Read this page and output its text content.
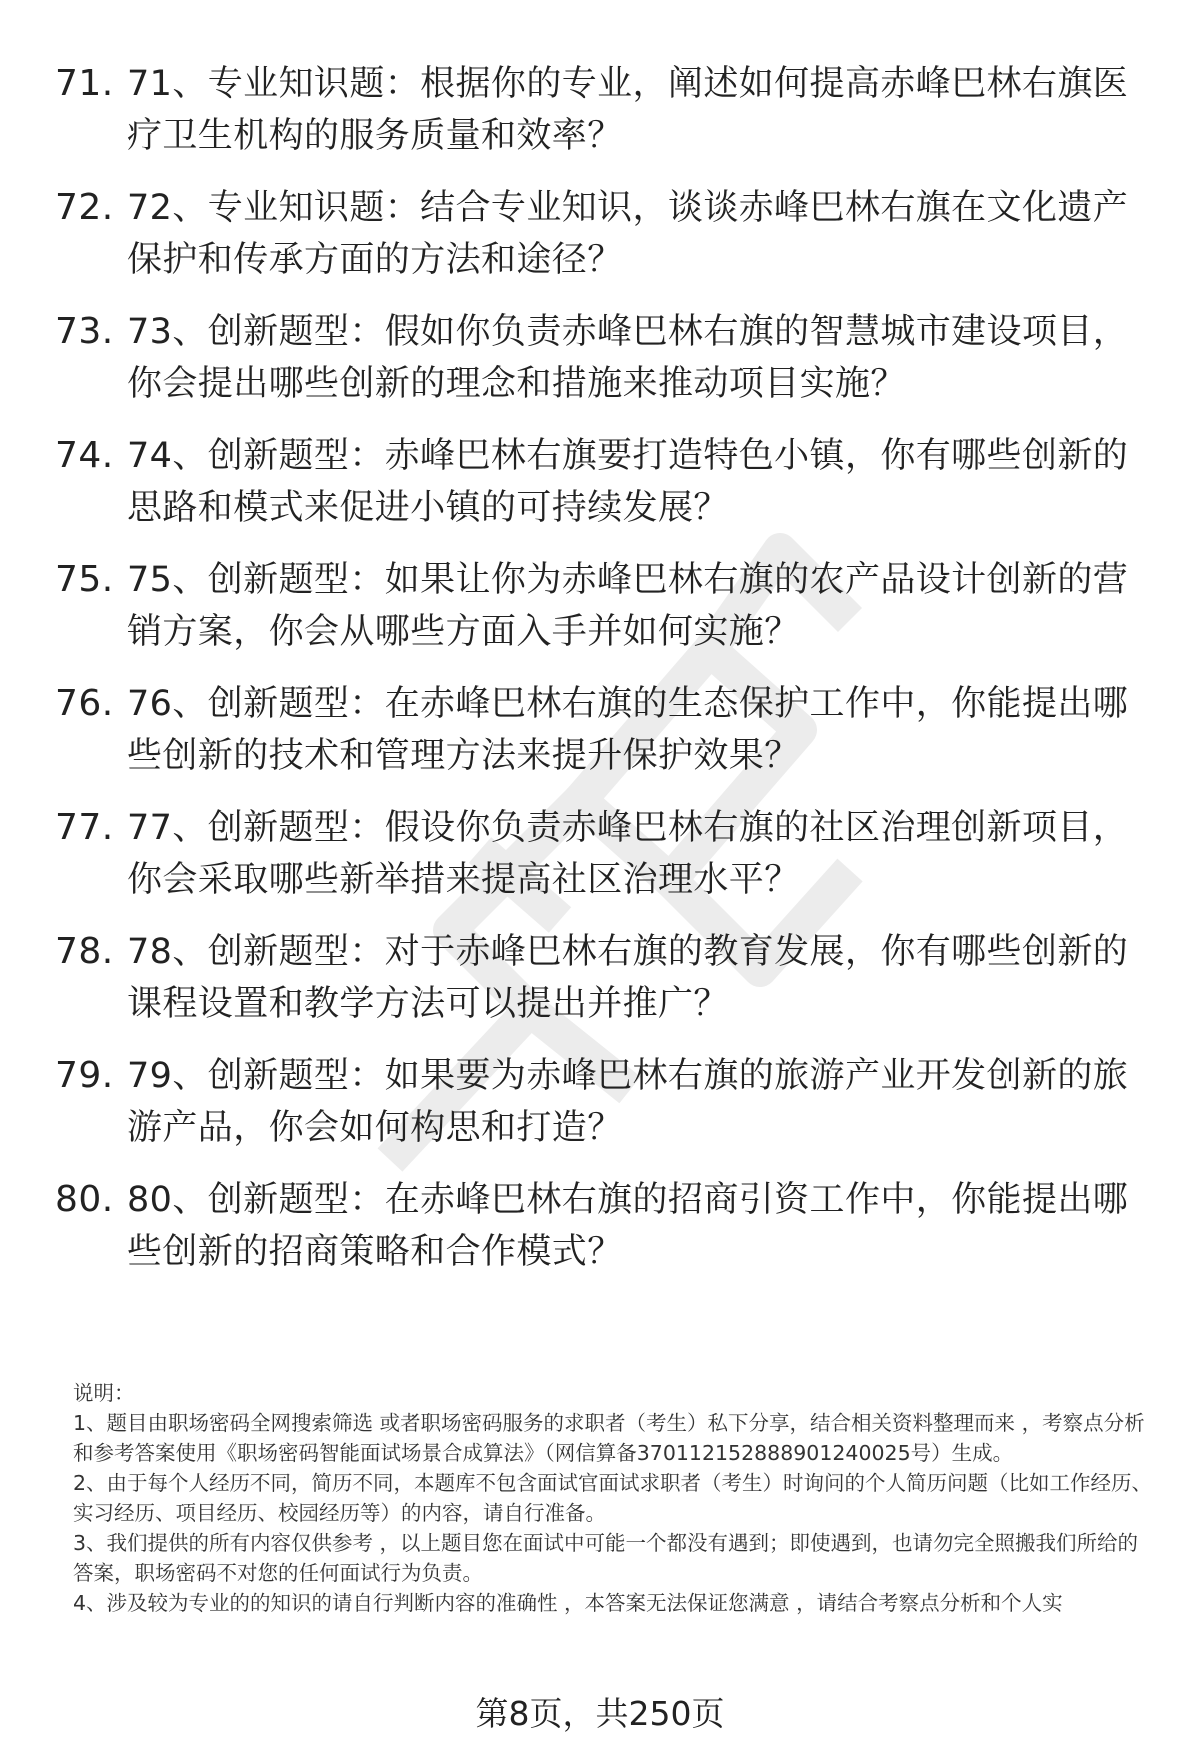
71. 71、专业知识题：根据你的专业，阐述如何提高赤峰巴林右旗医疗卫生机构的服务质量和效率？
72. 72、专业知识题：结合专业知识，谈谈赤峰巴林右旗在文化遗产保护和传承方面的方法和途径？
73. 73、创新题型：假如你负责赤峰巴林右旗的智慧城市建设项目，你会提出哪些创新的理念和措施来推动项目实施？
74. 74、创新题型：赤峰巴林右旗要打造特色小镇，你有哪些创新的思路和模式来促进小镇的可持续发展？
75. 75、创新题型：如果让你为赤峰巴林右旗的农产品设计创新的营销方案，你会从哪些方面入手并如何实施？
76. 76、创新题型：在赤峰巴林右旗的生态保护工作中，你能提出哪些创新的技术和管理方法来提升保护效果？
77. 77、创新题型：假设你负责赤峰巴林右旗的社区治理创新项目，你会采取哪些新举措来提高社区治理水平？
78. 78、创新题型：对于赤峰巴林右旗的教育发展，你有哪些创新的课程设置和教学方法可以提出并推广？
79. 79、创新题型：如果要为赤峰巴林右旗的旅游产业开发创新的旅游产品，你会如何构思和打造？
80. 80、创新题型：在赤峰巴林右旗的招商引资工作中，你能提出哪些创新的招商策略和合作模式？

说明：

1、题目由职场密码全网搜索筛选 或者职场密码服务的求职者（考生）私下分享，结合相关资料整理而来 ，考察点分析和参考答案使用《职场密码智能面试场景合成算法》（网信算备370112152888901240025号）生成。

2、由于每个人经历不同，简历不同，本题库不包含面试官面试求职者（考生）时询问的个人简历问题（比如工作经历、实习经历、项目经历、校园经历等）的内容，请自行准备。

3、我们提供的所有内容仅供参考 ，以上题目您在面试中可能一个都没有遇到；即使遇到，也请勿完全照搬我们所给的答案，职场密码不对您的任何面试行为负责。

4、涉及较为专业的的知识的请自行判断内容的准确性 ，本答案无法保证您满意 ，请结合考察点分析和个人实

第8页，共250页
